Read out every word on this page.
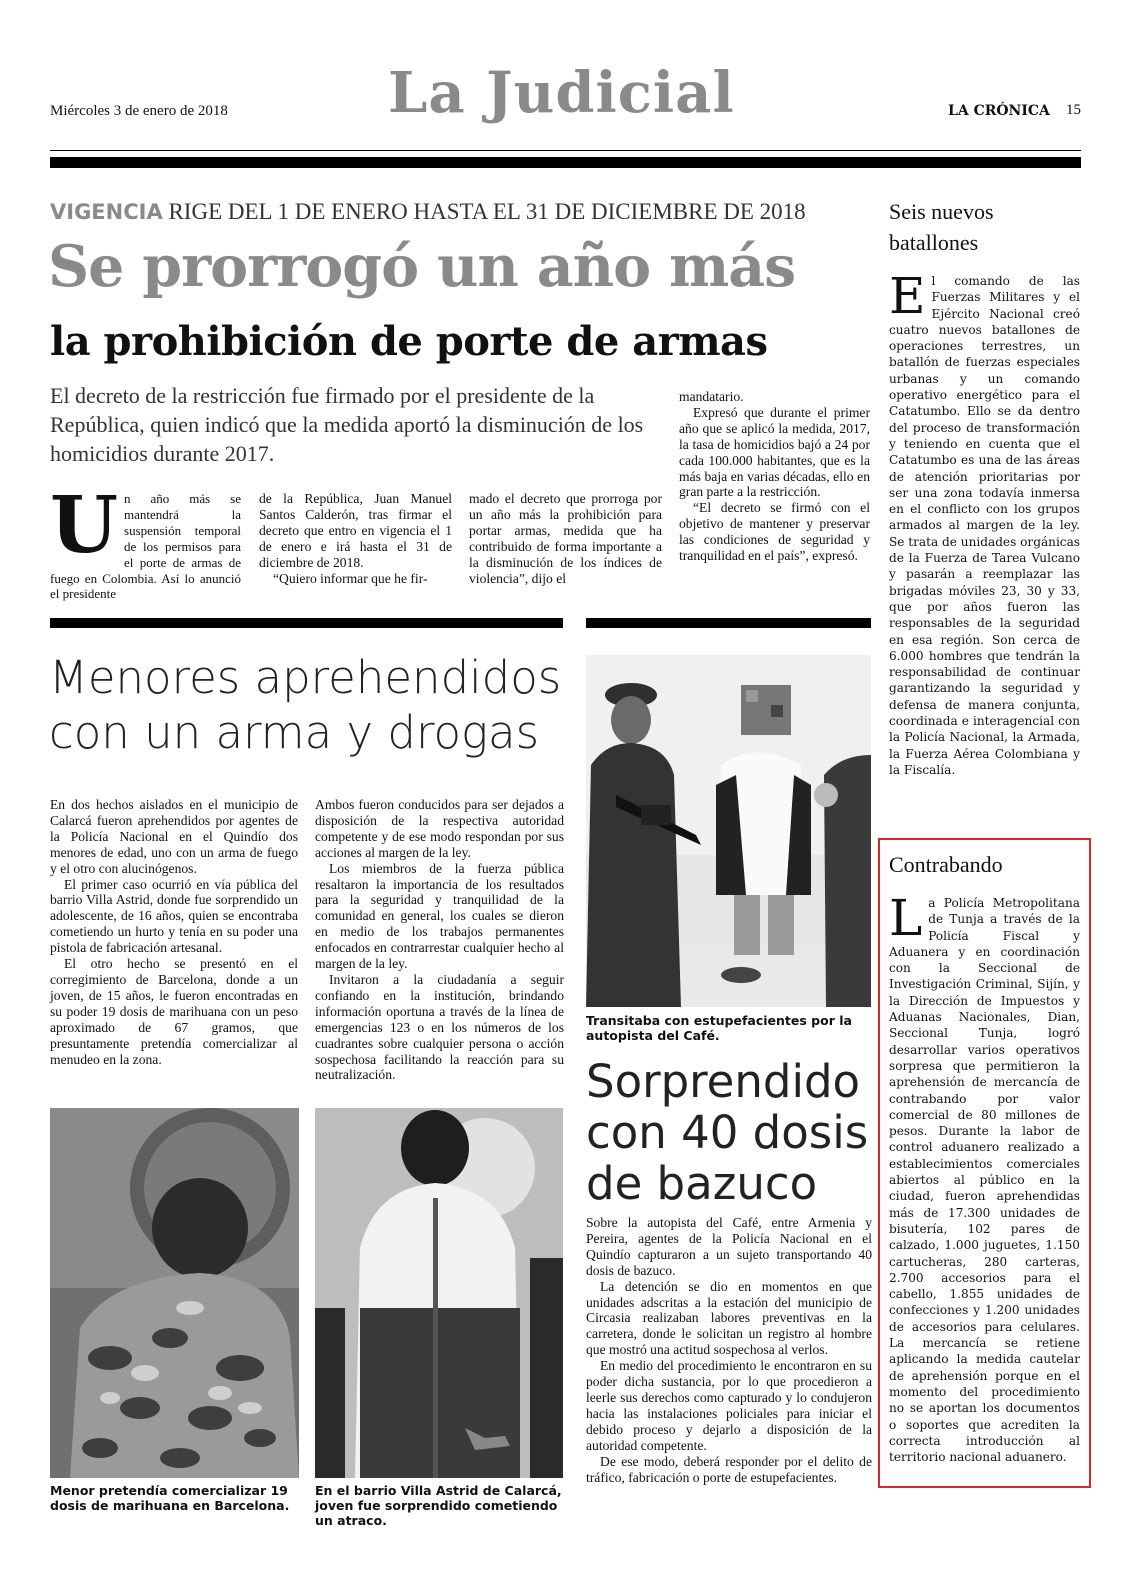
Miércoles 3 de enero de 2018	La Judicial	LA CRÓNICA 15
VIGENCIA RIGE DEL 1 DE ENERO HASTA EL 31 DE DICIEMBRE DE 2018
Se prorrogó un año más
la prohibición de porte de armas
El decreto de la restricción fue firmado por el presidente de la República, quien indicó que la medida aportó la disminución de los homicidios durante 2017.
U n año más se mantendrá la suspensión temporal de los permisos para el porte de armas de fuego en Colombia. Así lo anunció el presidente

de la República, Juan Manuel Santos Calderón, tras firmar el decreto que entro en vigencia el 1 de enero e irá hasta el 31 de diciembre de 2018.

“Quiero informar que he fir-

mado el decreto que prorroga por un año más la prohibición para portar armas, medida que ha contribuido de forma importante a la disminución de los índices de violencia”, dijo el

mandatario.

Expresó que durante el primer año que se aplicó la medida, 2017, la tasa de homicidios bajó a 24 por cada 100.000 habitantes, que es la más baja en varias décadas, ello en gran parte a la restricción.

“El decreto se firmó con el objetivo de mantener y preservar las condiciones de seguridad y tranquilidad en el país”, expresó.

Seis nuevos batallones
E l comando de las Fuerzas Militares y el Ejército Nacional creó cuatro nuevos batallones de operaciones terrestres, un batallón de fuerzas especiales urbanas y un comando operativo energético para el Catatumbo. Ello se da dentro del proceso de transformación y teniendo en cuenta que el Catatumbo es una de las áreas de atención prioritarias por ser una zona todavía inmersa en el conflicto con los grupos armados al margen de la ley. Se trata de unidades orgánicas de la Fuerza de Tarea Vulcano y pasarán a reemplazar las brigadas móviles 23, 30 y 33, que por años fueron las responsables de la seguridad en esa región. Son cerca de 6.000 hombres que tendrán la responsabilidad de continuar garantizando la seguridad y defensa de manera conjunta, coordinada e interagencial con la Policía Nacional, la Armada, la Fuerza Aérea Colombiana y la Fiscalía.
Contrabando
L a Policía Metropolitana de Tunja a través de la Policía Fiscal y Aduanera y en coordinación con la Seccional de Investigación Criminal, Sijín, y la Dirección de Impuestos y Aduanas Nacionales, Dian, Seccional Tunja, logró desarrollar varios operativos sorpresa que permitieron la aprehensión de mercancía de contrabando por valor comercial de 80 millones de pesos. Durante la labor de control aduanero realizado a establecimientos comerciales abiertos al público en la ciudad, fueron aprehendidas más de 17.300 unidades de bisutería, 102 pares de calzado, 1.000 juguetes, 1.150 cartucheras, 280 carteras, 2.700 accesorios para el cabello, 1.855 unidades de confecciones y 1.200 unidades de accesorios para celulares. La mercancía se retiene aplicando la medida cautelar de aprehensión porque en el momento del procedimiento no se aportan los documentos o soportes que acrediten la correcta introducción al territorio nacional aduanero.
Menores aprehendidos
con un arma y drogas

En dos hechos aislados en el municipio de Calarcá fueron aprehendidos por agentes de la Policía Nacional en el Quindío dos menores de edad, uno con un arma de fuego y el otro con alucinógenos.

El primer caso ocurrió en vía pública del barrio Villa Astrid, donde fue sorprendido un adolescente, de 16 años, quien se encontraba cometiendo un hurto y tenía en su poder una pistola de fabricación artesanal.

El otro hecho se presentó en el corregimiento de Barcelona, donde a un joven, de 15 años, le fueron encontradas en su poder 19 dosis de marihuana con un peso aproximado de 67 gramos, que presuntamente pretendía comercializar al menudeo en la zona.

Ambos fueron conducidos para ser dejados a disposición de la respectiva autoridad competente y de ese modo respondan por sus acciones al margen de la ley.

Los miembros de la fuerza pública resaltaron la importancia de los resultados para la seguridad y tranquilidad de la comunidad en general, los cuales se dieron en medio de los trabajos permanentes enfocados en contrarrestar cualquier hecho al margen de la ley.

Invitaron a la ciudadanía a seguir confiando en la institución, brindando información oportuna a través de la línea de emergencias 123 o en los números de los cuadrantes sobre cualquier persona o acción sospechosa facilitando la reacción para su neutralización.

Menor pretendía comercializar 19 dosis de marihuana en Barcelona.
En el barrio Villa Astrid de Calarcá, joven fue sorprendido cometiendo un atraco.
Transitaba con estupefacientes por la autopista del Café.
Sorprendido
con 40 dosis
de bazuco

Sobre la autopista del Café, entre Armenia y Pereira, agentes de la Policía Nacional en el Quindío capturaron a un sujeto transportando 40 dosis de bazuco.

La detención se dio en momentos en que unidades adscritas a la estación del municipio de Circasia realizaban labores preventivas en la carretera, donde le solicitan un registro al hombre que mostró una actitud sospechosa al verlos.

En medio del procedimiento le encontraron en su poder dicha sustancia, por lo que procedieron a leerle sus derechos como capturado y lo condujeron hacia las instalaciones policiales para iniciar el debido proceso y dejarlo a disposición de la autoridad competente.

De ese modo, deberá responder por el delito de tráfico, fabricación o porte de estupefacientes.
